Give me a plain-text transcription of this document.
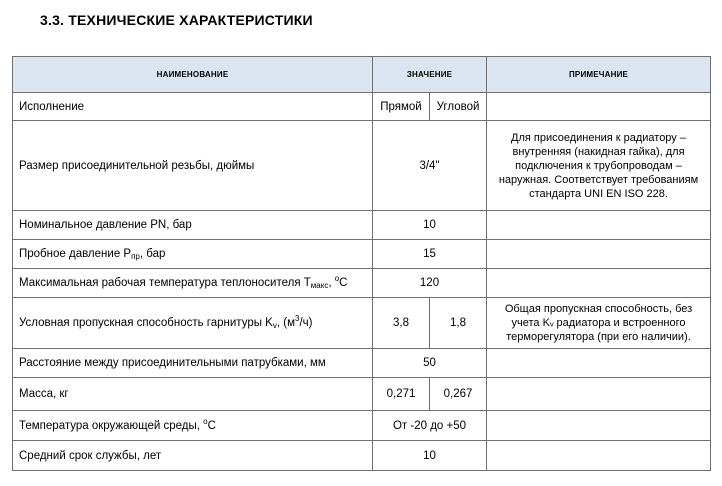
3.3. ТЕХНИЧЕСКИЕ ХАРАКТЕРИСТИКИ
НАИМЕНОВАНИЕ	ЗНАЧЕНИЕ		ПРИМЕЧАНИЕ
Исполнение	Прямой	Угловой	
Размер присоединительной резьбы, дюймы	3/4"		Для присоединения к радиатору – внутренняя (накидная гайка), для подключения к трубопроводам – наружная. Соответствует требованиям стандарта UNI EN ISO 228.
Номинальное давление PN, бар	10		
Пробное давление $P_{пр}$, бар	15		
Максимальная рабочая температура теплоносителя $T_{макс}$, $^о$С	120		
Условная пропускная способность гарнитуры $K_v$, $(м^3/ч)$	3,8	1,8	Общая пропускная способность, без учета Kᵥ радиатора и встроенного терморегулятора (при его наличии).
Расстояние между присоединительными патрубками, мм	50		
Масса, кг	0,271	0,267	
Температура окружающей среды, $^о$С	От -20 до +50		
Средний срок службы, лет	10		
